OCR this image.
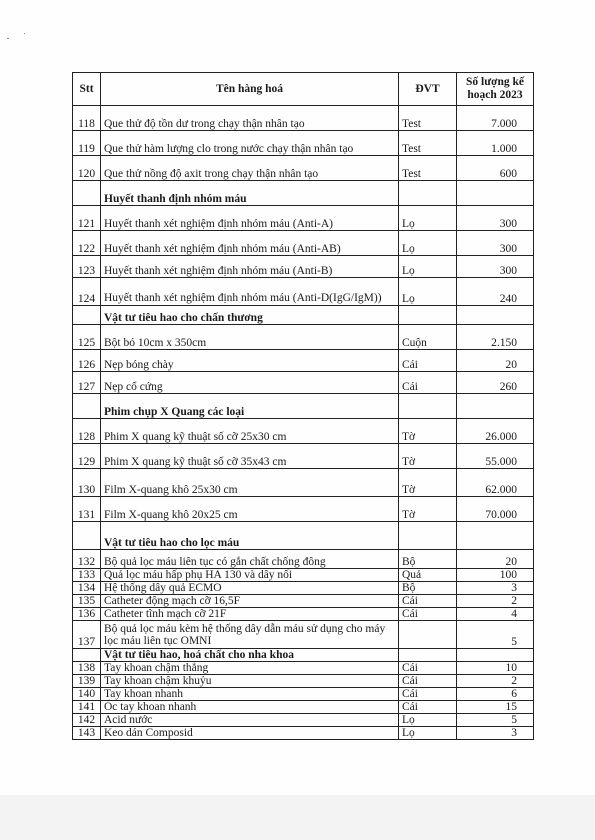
Stt	Tên hàng hoá	ĐVT	Số lượng kế hoạch 2023
118	Que thử độ tồn dư trong chạy thận nhân tạo	Test	7.000
119	Que thử hàm lượng clo trong nước chạy thận nhân tạo	Test	1.000
120	Que thử nồng độ axit trong chạy thận nhân tạo	Test	600
	Huyết thanh định nhóm máu		
121	Huyết thanh xét nghiệm định nhóm máu (Anti-A)	Lọ	300
122	Huyết thanh xét nghiệm định nhóm máu (Anti-AB)	Lọ	300
123	Huyết thanh xét nghiệm định nhóm máu (Anti-B)	Lọ	300
124	Huyết thanh xét nghiệm định nhóm máu (Anti-D(IgG/IgM))	Lọ	240
	Vật tư tiêu hao cho chấn thương		
125	Bột bó 10cm x 350cm	Cuộn	2.150
126	Nẹp bóng chày	Cái	20
127	Nẹp cổ cứng	Cái	260
	Phim chụp X Quang các loại		
128	Phim X quang kỹ thuật số cỡ 25x30 cm	Tờ	26.000
129	Phim X quang kỹ thuật số cỡ 35x43 cm	Tờ	55.000
130	Film X-quang khô 25x30 cm	Tờ	62.000
131	Film X-quang khô 20x25 cm	Tờ	70.000
	Vật tư tiêu hao cho lọc máu		
132	Bộ quả lọc máu liên tục có gắn chất chống đông	Bộ	20
133	Quả lọc máu hấp phụ HA 130 và dây nối	Quả	100
134	Hệ thống dây quả ECMO	Bộ	3
135	Catheter động mạch cỡ 16,5F	Cái	2
136	Catheter tĩnh mạch cỡ 21F	Cái	4
137	Bộ quả lọc máu kèm hệ thống dây dẫn máu sử dụng cho máy lọc máu liên tục OMNI		5
	Vật tư tiêu hao, hoá chất cho nha khoa		
138	Tay khoan chậm thẳng	Cái	10
139	Tay khoan chậm khuỷu	Cái	2
140	Tay khoan nhanh	Cái	6
141	Óc tay khoan nhanh	Cái	15
142	Acid nước	Lọ	5
143	Keo dán Composid	Lọ	3
